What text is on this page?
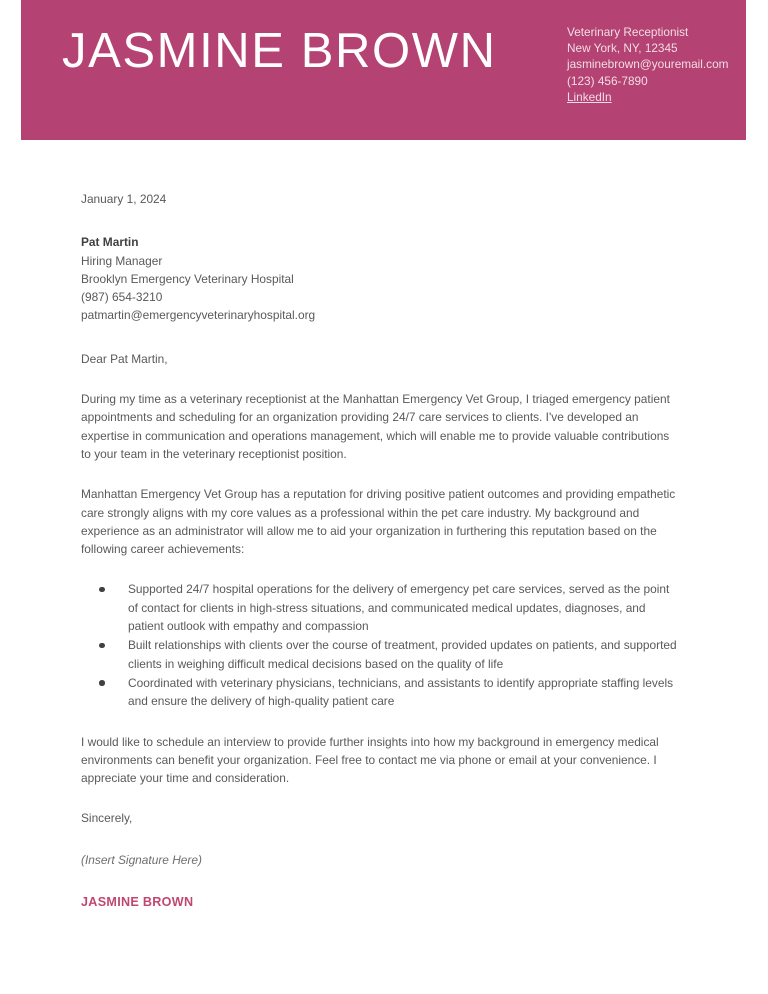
JASMINE BROWN	Veterinary Receptionist
New York, NY, 12345
jasminebrown@youremail.com
(123) 456-7890
LinkedIn
January 1, 2024
Pat Martin
Hiring Manager
Brooklyn Emergency Veterinary Hospital
(987) 654-3210
patmartin@emergencyveterinaryhospital.org
Dear Pat Martin,

During my time as a veterinary receptionist at the Manhattan Emergency Vet Group, I triaged emergency patient appointments and scheduling for an organization providing 24/7 care services to clients. I've developed an expertise in communication and operations management, which will enable me to provide valuable contributions to your team in the veterinary receptionist position.

Manhattan Emergency Vet Group has a reputation for driving positive patient outcomes and providing empathetic care strongly aligns with my core values as a professional within the pet care industry. My background and experience as an administrator will allow me to aid your organization in furthering this reputation based on the following career achievements:

Supported 24/7 hospital operations for the delivery of emergency pet care services, served as the point of contact for clients in high-stress situations, and communicated medical updates, diagnoses, and patient outlook with empathy and compassion
Built relationships with clients over the course of treatment, provided updates on patients, and supported clients in weighing difficult medical decisions based on the quality of life
Coordinated with veterinary physicians, technicians, and assistants to identify appropriate staffing levels and ensure the delivery of high-quality patient care

I would like to schedule an interview to provide further insights into how my background in emergency medical environments can benefit your organization. Feel free to contact me via phone or email at your convenience. I appreciate your time and consideration.

Sincerely,
(Insert Signature Here)
JASMINE BROWN
